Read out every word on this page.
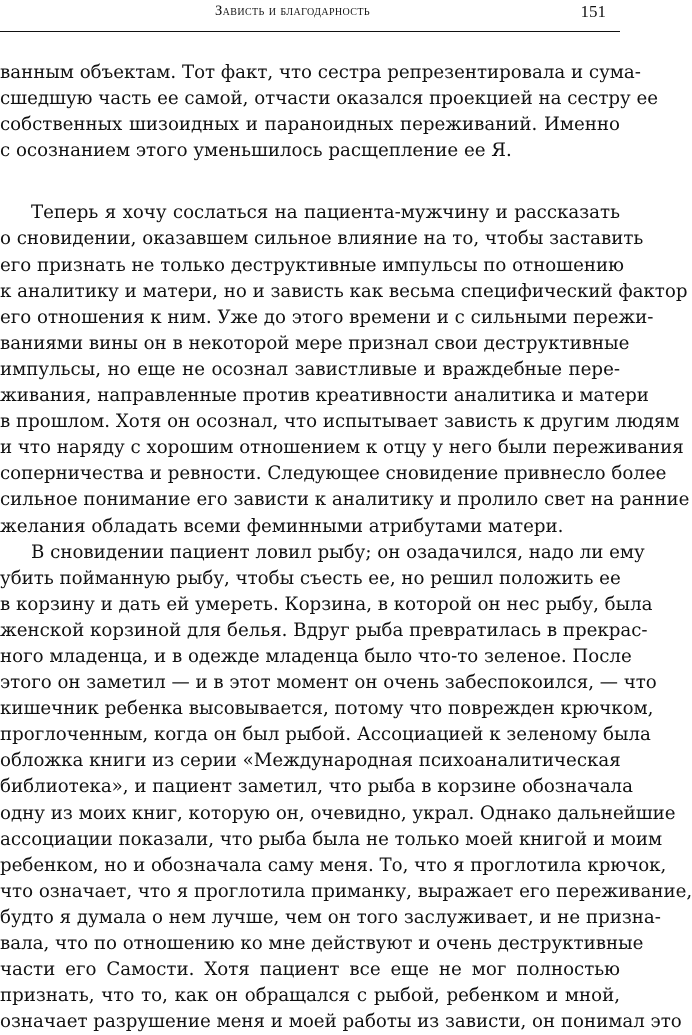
Зависть и благодарность	151
ванным объектам. Тот факт, что сестра репрезентировала и сума-
сшедшую часть ее самой, отчасти оказался проекцией на сестру ее
собственных шизоидных и параноидных переживаний. Именно
с осознанием этого уменьшилось расщепление ее Я.
Теперь я хочу сослаться на пациента-мужчину и рассказать
о сновидении, оказавшем сильное влияние на то, чтобы заставить
его признать не только деструктивные импульсы по отношению
к аналитику и матери, но и зависть как весьма специфический фактор
его отношения к ним. Уже до этого времени и с сильными пережи-
ваниями вины он в некоторой мере признал свои деструктивные
импульсы, но еще не осознал завистливые и враждебные пере-
живания, направленные против креативности аналитика и матери
в прошлом. Хотя он осознал, что испытывает зависть к другим людям
и что наряду с хорошим отношением к отцу у него были переживания
соперничества и ревности. Следующее сновидение привнесло более
сильное понимание его зависти к аналитику и пролило свет на ранние
желания обладать всеми феминными атрибутами матери.
В сновидении пациент ловил рыбу; он озадачился, надо ли ему
убить пойманную рыбу, чтобы съесть ее, но решил положить ее
в корзину и дать ей умереть. Корзина, в которой он нес рыбу, была
женской корзиной для белья. Вдруг рыба превратилась в прекрас-
ного младенца, и в одежде младенца было что-то зеленое. После
этого он заметил — и в этот момент он очень забеспокоился, — что
кишечник ребенка высовывается, потому что поврежден крючком,
проглоченным, когда он был рыбой. Ассоциацией к зеленому была
обложка книги из серии «Международная психоаналитическая
библиотека», и пациент заметил, что рыба в корзине обозначала
одну из моих книг, которую он, очевидно, украл. Однако дальнейшие
ассоциации показали, что рыба была не только моей книгой и моим
ребенком, но и обозначала саму меня. То, что я проглотила крючок,
что означает, что я проглотила приманку, выражает его переживание,
будто я думала о нем лучше, чем он того заслуживает, и не призна-
вала, что по отношению ко мне действуют и очень деструктивные
части его Самости. Хотя пациент все еще не мог полностью
признать, что то, как он обращался с рыбой, ребенком и мной,
означает разрушение меня и моей работы из зависти, он понимал это
